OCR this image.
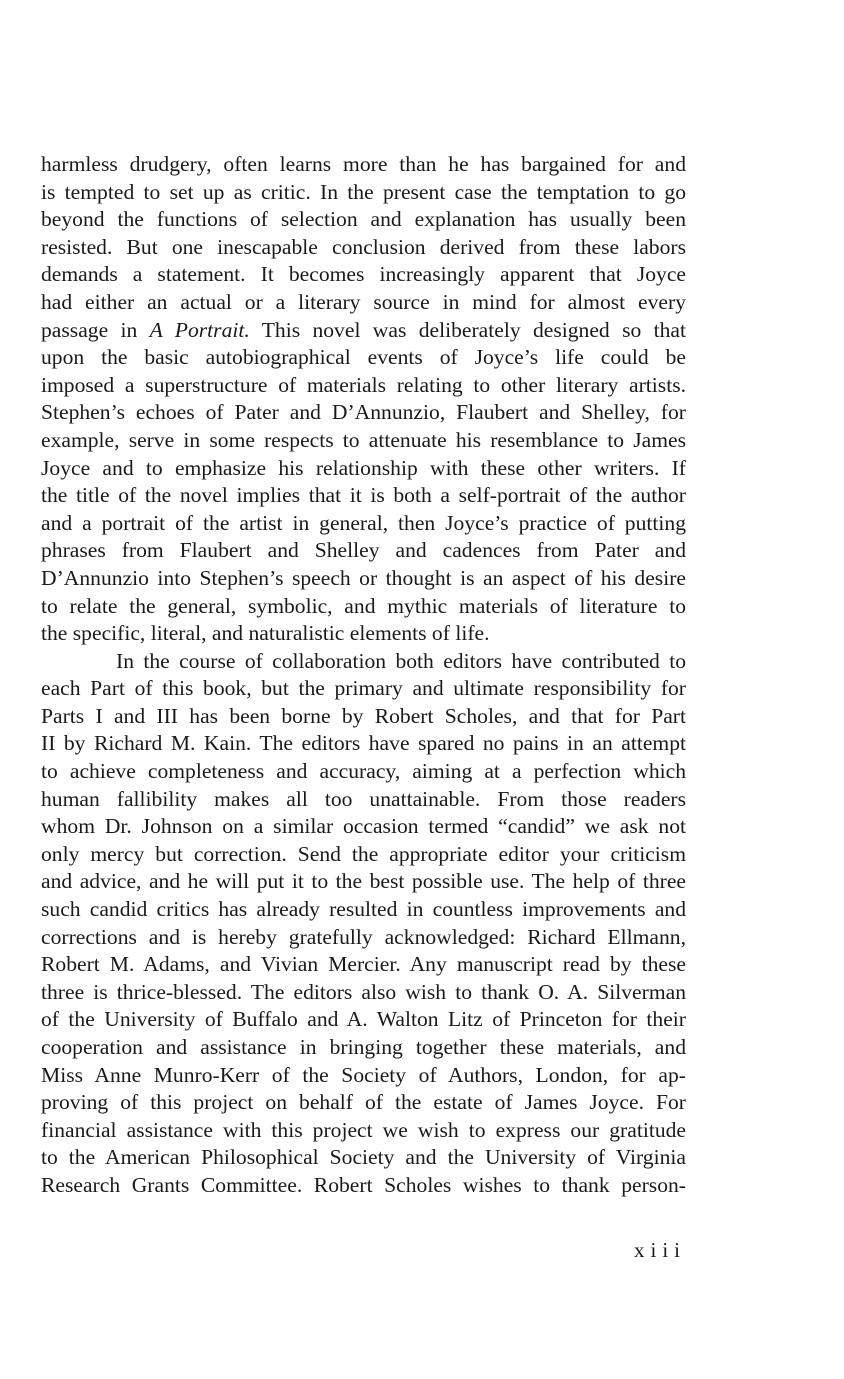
harmless drudgery, often learns more than he has bargained for and
is tempted to set up as critic. In the present case the temptation to go
beyond the functions of selection and explanation has usually been
resisted. But one inescapable conclusion derived from these labors
demands a statement. It becomes increasingly apparent that Joyce
had either an actual or a literary source in mind for almost every
passage in A Portrait. This novel was deliberately designed so that
upon the basic autobiographical events of Joyce’s life could be
imposed a superstructure of materials relating to other literary artists.
Stephen’s echoes of Pater and D’Annunzio, Flaubert and Shelley, for
example, serve in some respects to attenuate his resemblance to James
Joyce and to emphasize his relationship with these other writers. If
the title of the novel implies that it is both a self-portrait of the author
and a portrait of the artist in general, then Joyce’s practice of putting
phrases from Flaubert and Shelley and cadences from Pater and
D’Annunzio into Stephen’s speech or thought is an aspect of his desire
to relate the general, symbolic, and mythic materials of literature to
the specific, literal, and naturalistic elements of life.
In the course of collaboration both editors have contributed to
each Part of this book, but the primary and ultimate responsibility for
Parts I and III has been borne by Robert Scholes, and that for Part
II by Richard M. Kain. The editors have spared no pains in an attempt
to achieve completeness and accuracy, aiming at a perfection which
human fallibility makes all too unattainable. From those readers
whom Dr. Johnson on a similar occasion termed “candid” we ask not
only mercy but correction. Send the appropriate editor your criticism
and advice, and he will put it to the best possible use. The help of three
such candid critics has already resulted in countless improvements and
corrections and is hereby gratefully acknowledged: Richard Ellmann,
Robert M. Adams, and Vivian Mercier. Any manuscript read by these
three is thrice-blessed. The editors also wish to thank O. A. Silverman
of the University of Buffalo and A. Walton Litz of Princeton for their
cooperation and assistance in bringing together these materials, and
Miss Anne Munro-Kerr of the Society of Authors, London, for ap-
proving of this project on behalf of the estate of James Joyce. For
financial assistance with this project we wish to express our gratitude
to the American Philosophical Society and the University of Virginia
Research Grants Committee. Robert Scholes wishes to thank person-
xiii
